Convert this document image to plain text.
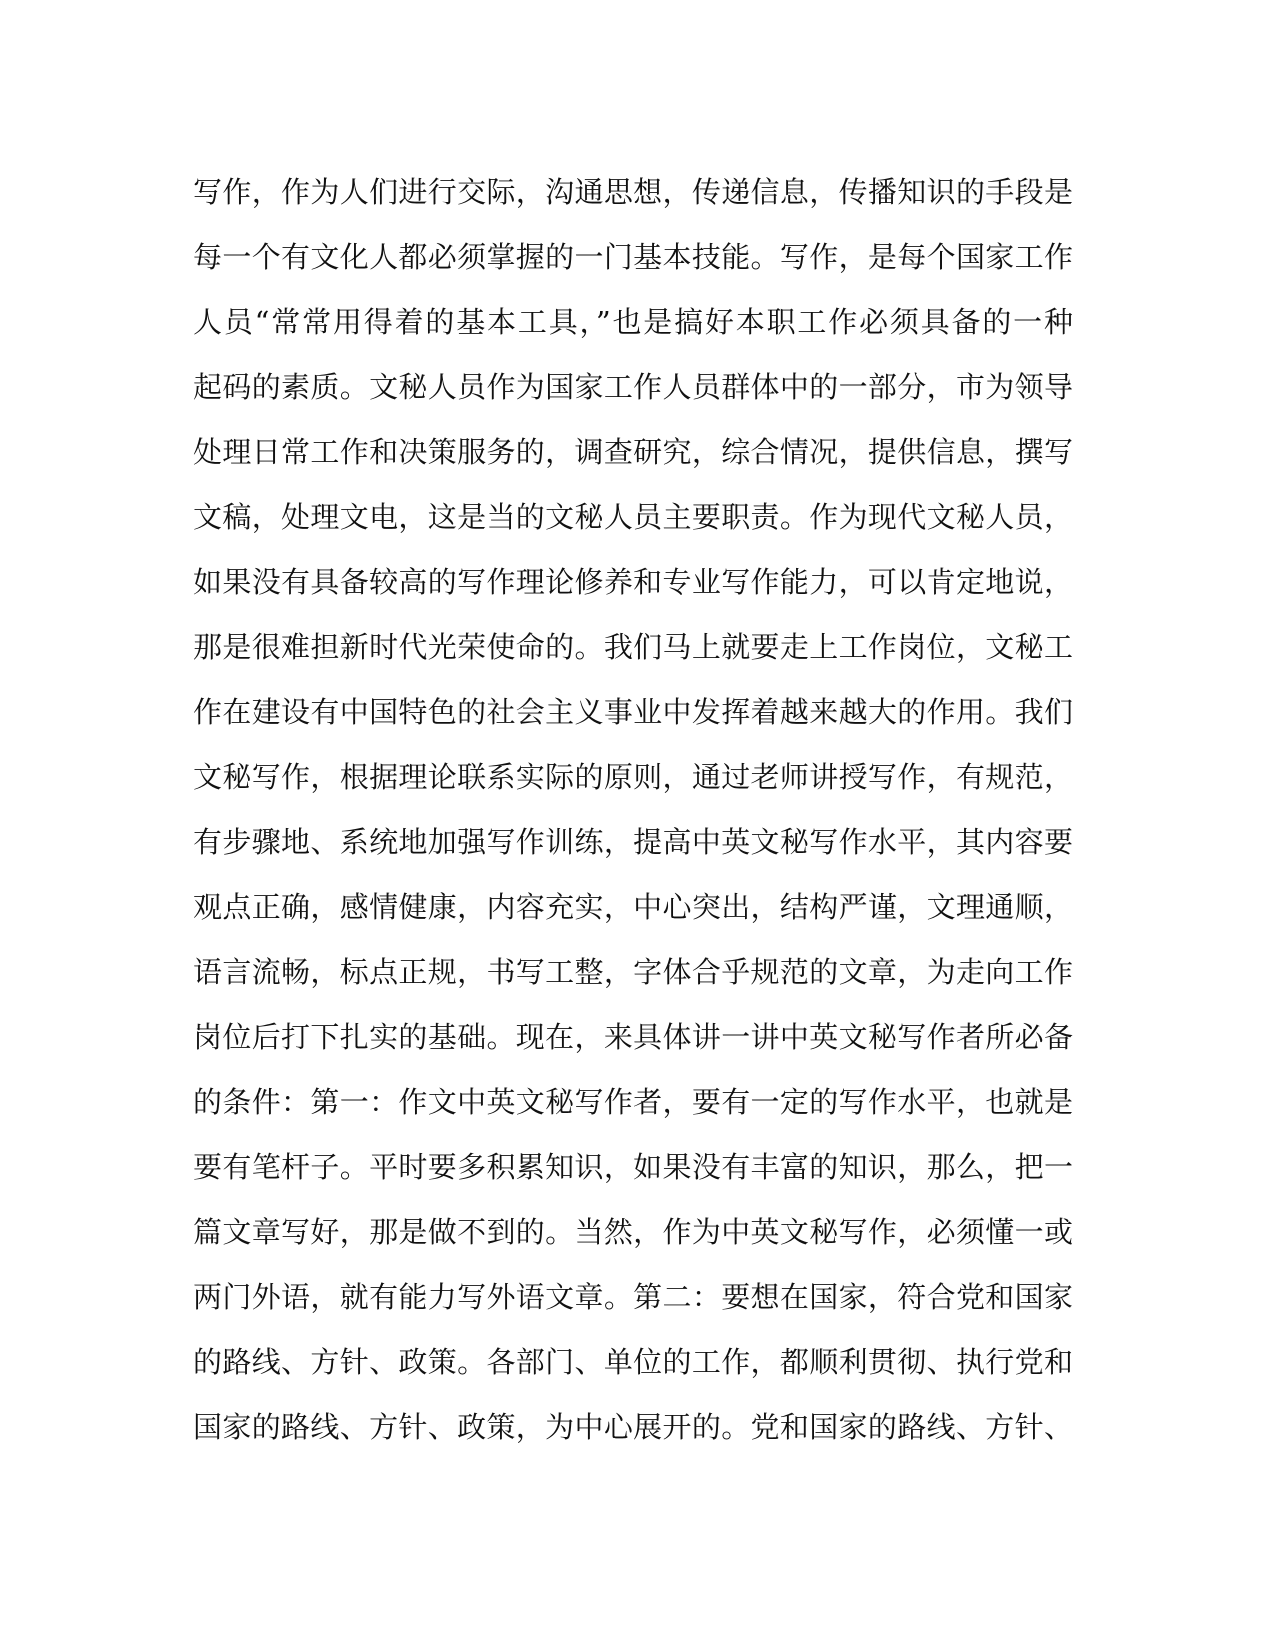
写作，作为人们进行交际，沟通思想，传递信息，传播知识的手段是
每一个有文化人都必须掌握的一门基本技能。写作，是每个国家工作
人员“常常用得着的基本工具，”也是搞好本职工作必须具备的一种
起码的素质。文秘人员作为国家工作人员群体中的一部分，市为领导
处理日常工作和决策服务的，调查研究，综合情况，提供信息，撰写
文稿，处理文电，这是当的文秘人员主要职责。作为现代文秘人员，
如果没有具备较高的写作理论修养和专业写作能力，可以肯定地说，
那是很难担新时代光荣使命的。我们马上就要走上工作岗位，文秘工
作在建设有中国特色的社会主义事业中发挥着越来越大的作用。我们
文秘写作，根据理论联系实际的原则，通过老师讲授写作，有规范，
有步骤地、系统地加强写作训练，提高中英文秘写作水平，其内容要
观点正确，感情健康，内容充实，中心突出，结构严谨，文理通顺，
语言流畅，标点正规，书写工整，字体合乎规范的文章，为走向工作
岗位后打下扎实的基础。现在，来具体讲一讲中英文秘写作者所必备
的条件：第一：作文中英文秘写作者，要有一定的写作水平，也就是
要有笔杆子。平时要多积累知识，如果没有丰富的知识，那么，把一
篇文章写好，那是做不到的。当然，作为中英文秘写作，必须懂一或
两门外语，就有能力写外语文章。第二：要想在国家，符合党和国家
的路线、方针、政策。各部门、单位的工作，都顺利贯彻、执行党和
国家的路线、方针、政策，为中心展开的。党和国家的路线、方针、
